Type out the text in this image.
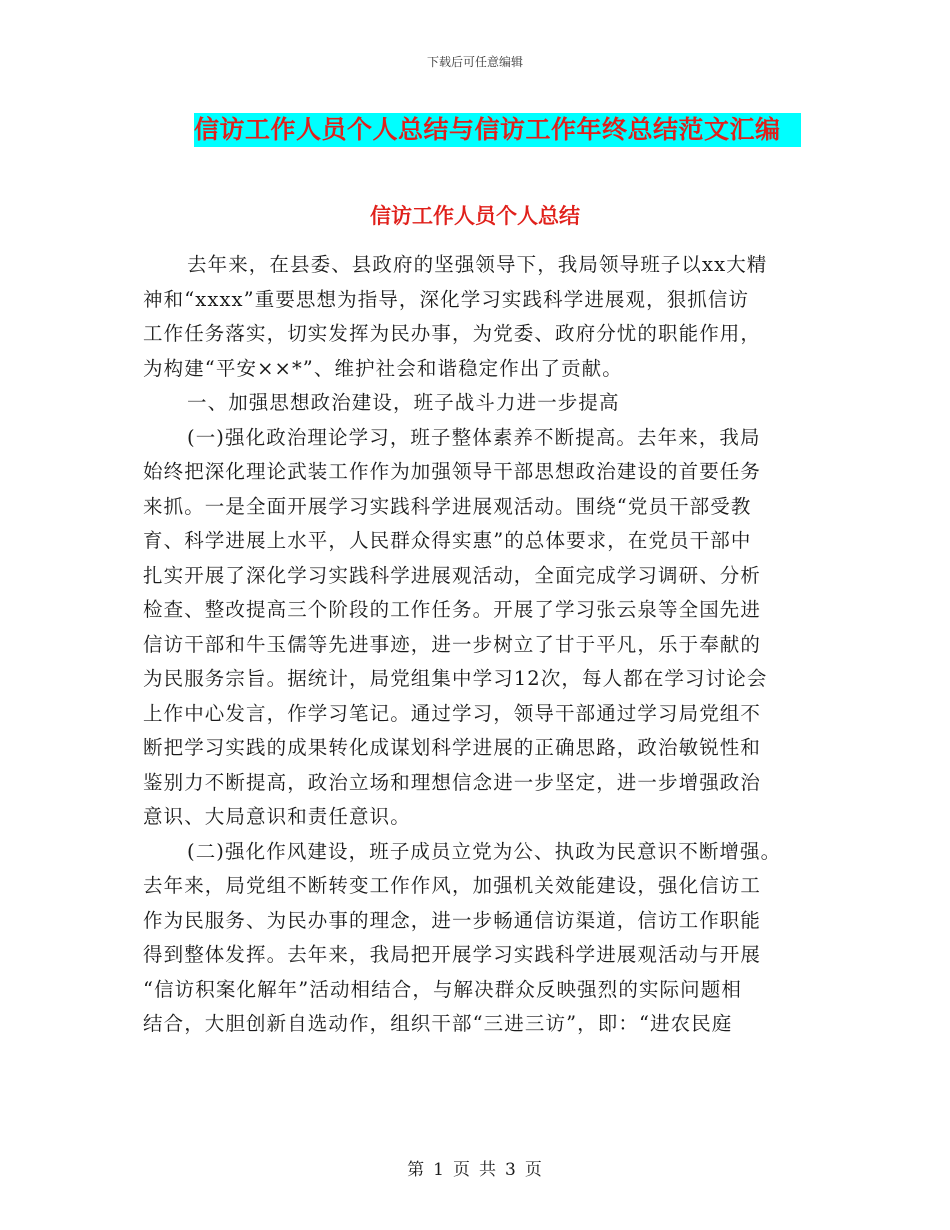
下载后可任意编辑
信访工作人员个人总结与信访工作年终总结范文汇编
信访工作人员个人总结
去年来，在县委、县政府的坚强领导下，我局领导班子以xx大精
神和“xxxx”重要思想为指导，深化学习实践科学进展观，狠抓信访
工作任务落实，切实发挥为民办事，为党委、政府分忧的职能作用，
为构建“平安××*”、维护社会和谐稳定作出了贡献。
一、加强思想政治建设，班子战斗力进一步提高
(一)强化政治理论学习，班子整体素养不断提高。去年来，我局
始终把深化理论武装工作作为加强领导干部思想政治建设的首要任务
来抓。一是全面开展学习实践科学进展观活动。围绕“党员干部受教
育、科学进展上水平，人民群众得实惠”的总体要求，在党员干部中
扎实开展了深化学习实践科学进展观活动，全面完成学习调研、分析
检查、整改提高三个阶段的工作任务。开展了学习张云泉等全国先进
信访干部和牛玉儒等先进事迹，进一步树立了甘于平凡，乐于奉献的
为民服务宗旨。据统计，局党组集中学习12次，每人都在学习讨论会
上作中心发言，作学习笔记。通过学习，领导干部通过学习局党组不
断把学习实践的成果转化成谋划科学进展的正确思路，政治敏锐性和
鉴别力不断提高，政治立场和理想信念进一步坚定，进一步增强政治
意识、大局意识和责任意识。
(二)强化作风建设，班子成员立党为公、执政为民意识不断增强。
去年来，局党组不断转变工作作风，加强机关效能建设，强化信访工
作为民服务、为民办事的理念，进一步畅通信访渠道，信访工作职能
得到整体发挥。去年来，我局把开展学习实践科学进展观活动与开展
“信访积案化解年”活动相结合，与解决群众反映强烈的实际问题相
结合，大胆创新自选动作，组织干部“三进三访”，即：“进农民庭
第 1 页 共 3 页
